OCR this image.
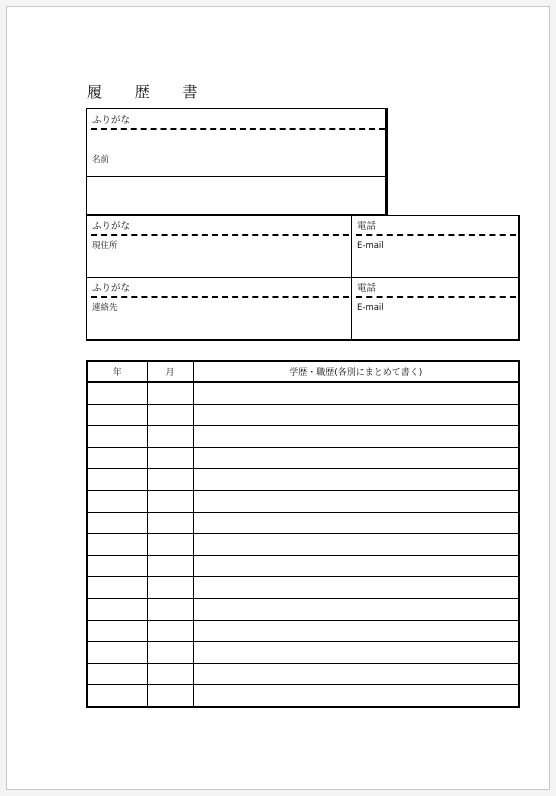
履 歴 書
ふりがな
名前
ふりがな
現住所
電話
E-mail
ふりがな
連絡先
電話
E-mail
年	月	学歴・職歴(各別にまとめて書く)
